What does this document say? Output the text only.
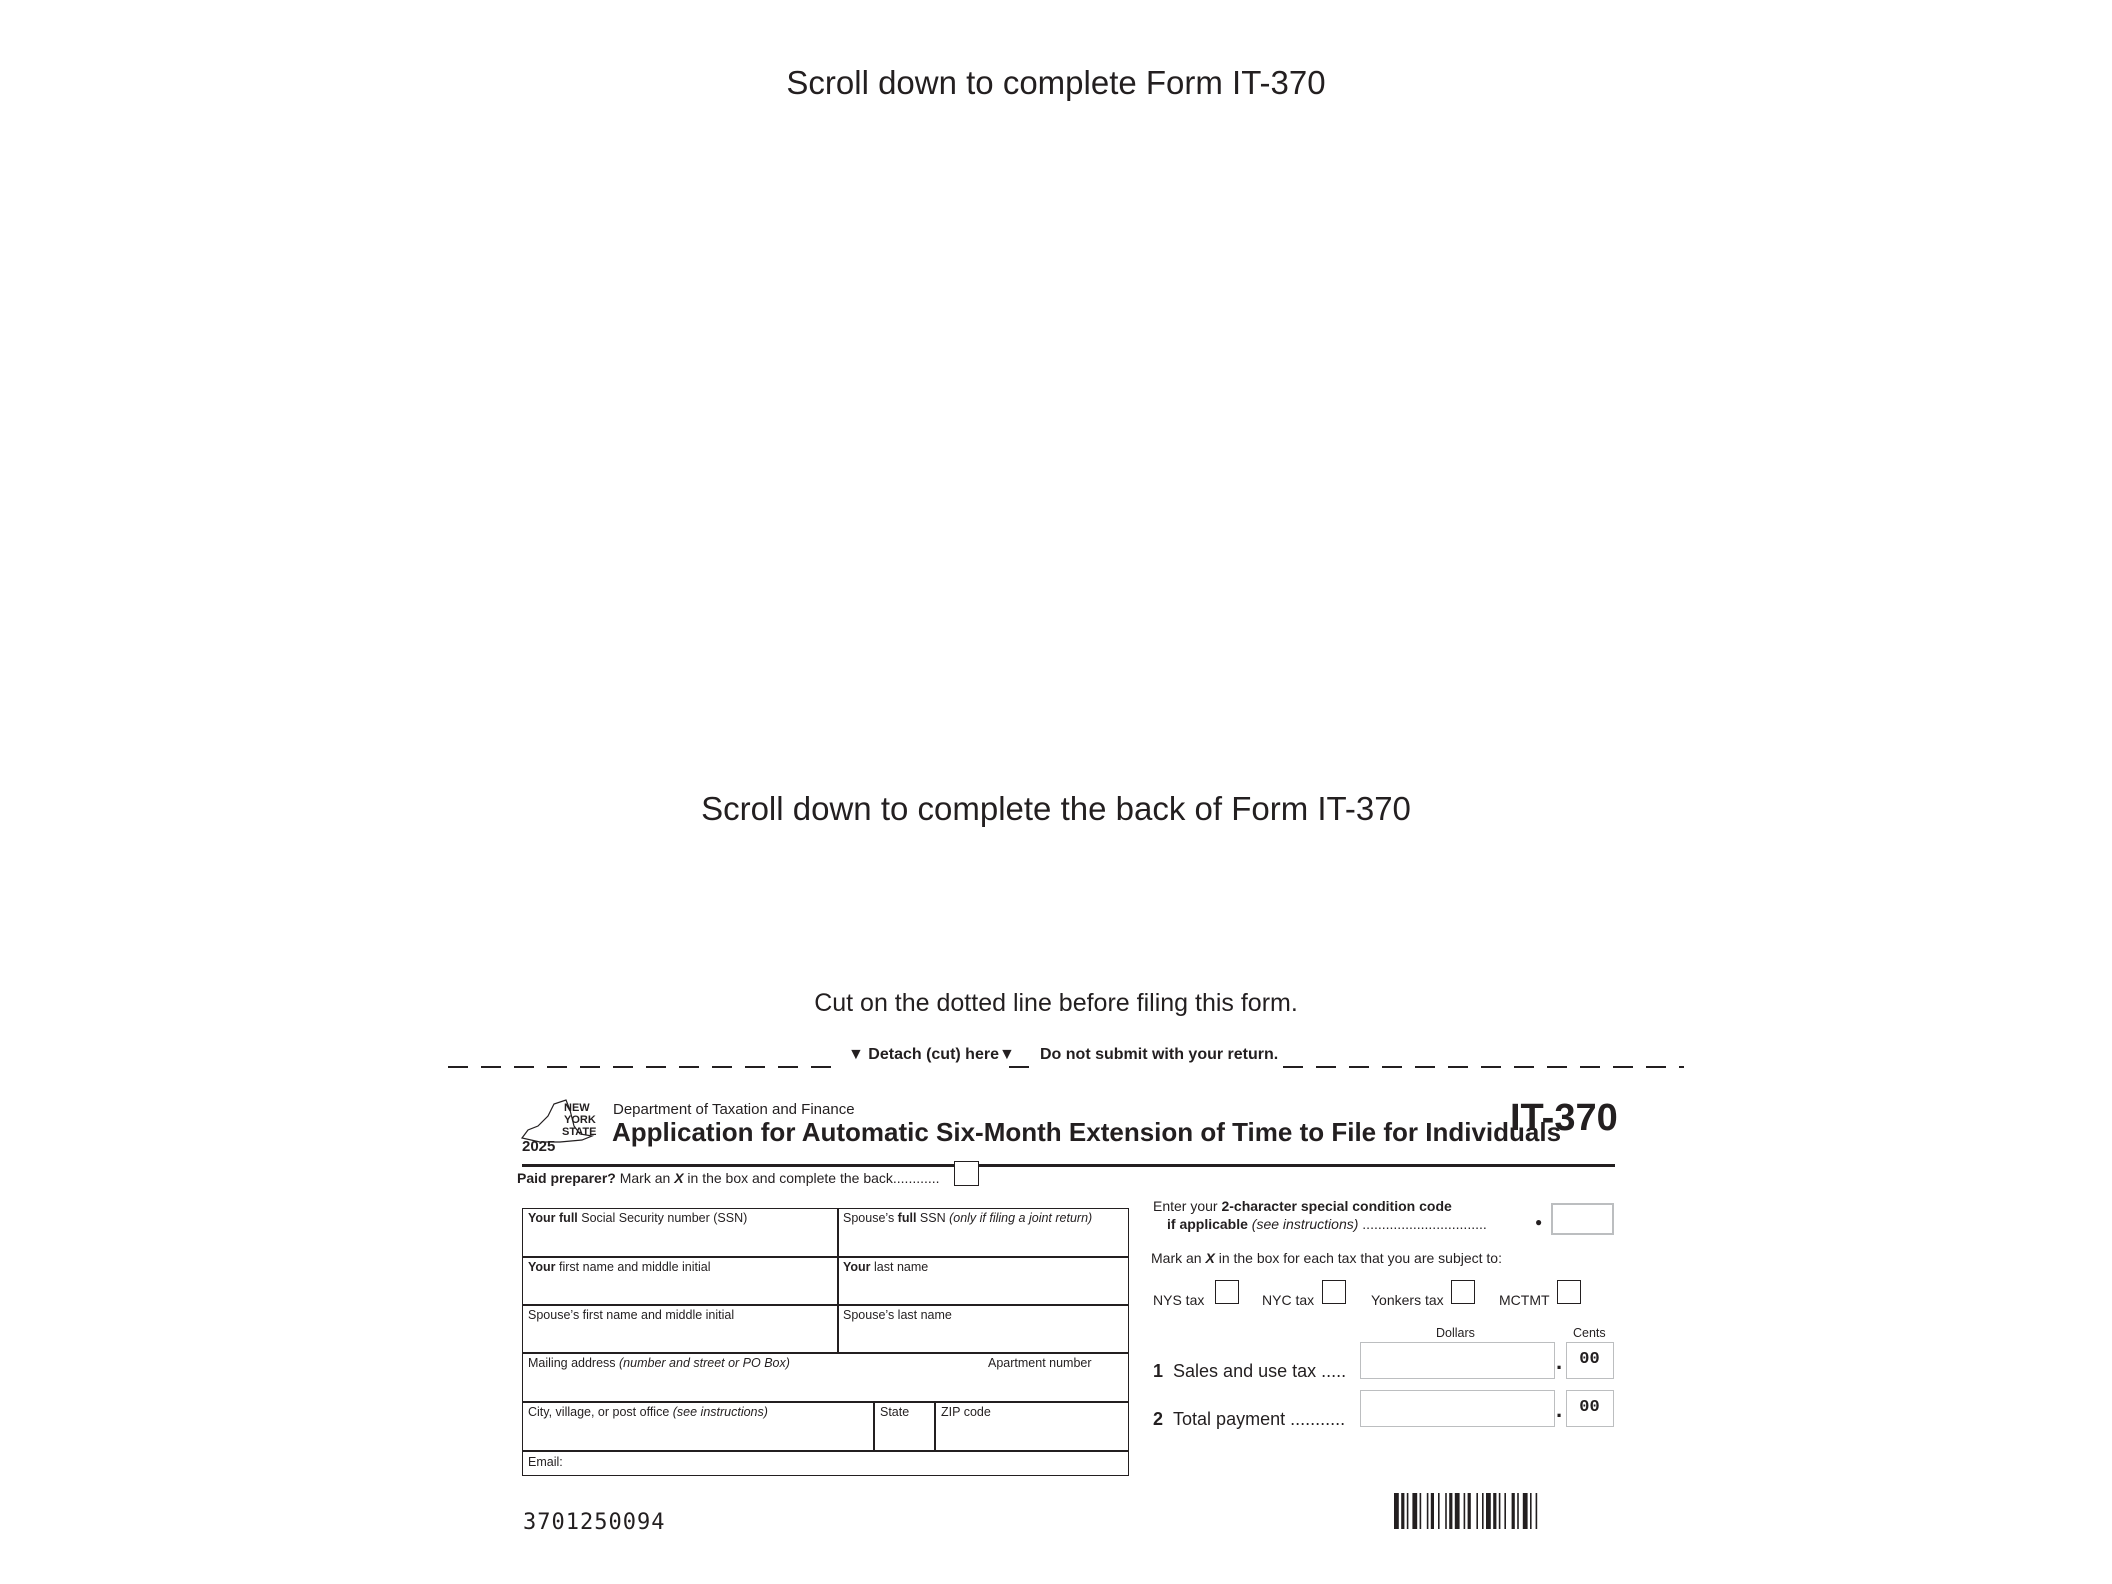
Scroll down to complete Form IT-370
Scroll down to complete the back of Form IT-370
Cut on the dotted line before filing this form.
▼ Detach (cut) here▼ Do not submit with your return.
NEW
YORK
STATE
2025
Department of Taxation and Finance
Application for Automatic Six-Month Extension of Time to File for Individuals
IT-370
Paid preparer? Mark an X in the box and complete the back............
Your full Social Security number (SSN)	Spouse’s full SSN (only if filing a joint return)
Your first name and middle initial	Your last name
Spouse’s first name and middle initial	Spouse’s last name
Mailing address (number and street or PO Box)	Apartment number
City, village, or post office (see instructions)	State	ZIP code
Email:
Enter your 2-character special condition code
if applicable (see instructions) ................................	●
Mark an X in the box for each tax that you are subject to:
NYS tax	NYC tax	Yonkers tax	MCTMT
Dollars	Cents
1 Sales and use tax .....	.	00
2 Total payment ...........	.	00
3701250094
